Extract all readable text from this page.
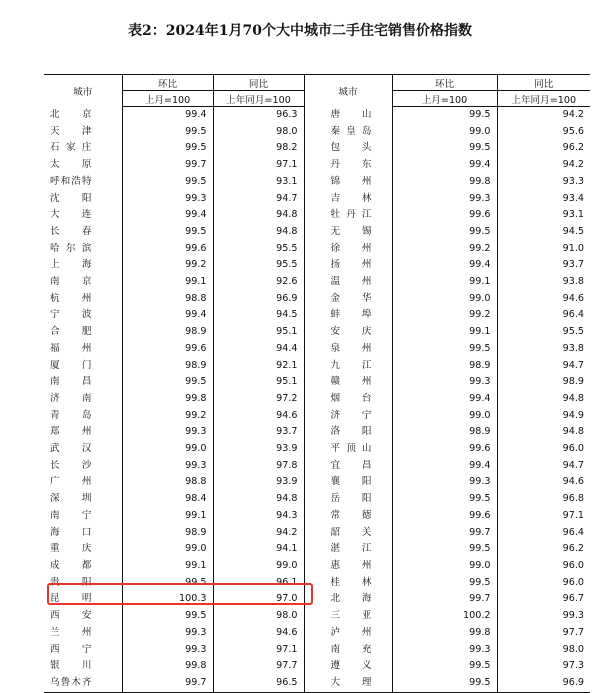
表2：2024年1月70个大中城市二手住宅销售价格指数
城市	环比	同比	城市	环比	同比
	上月=100	上年同月=100		上月=100	上年同月=100
北京	99.4	96.3	唐山	99.5	94.2
天津	99.5	98.0	秦皇岛	99.0	95.6
石家庄	99.5	98.2	包头	99.5	96.2
太原	99.7	97.1	丹东	99.4	94.2
呼和浩特	99.5	93.1	锦州	99.8	93.3
沈阳	99.3	94.7	吉林	99.3	93.4
大连	99.4	94.8	牡丹江	99.6	93.1
长春	99.5	94.8	无锡	99.5	94.5
哈尔滨	99.6	95.5	徐州	99.2	91.0
上海	99.2	95.5	扬州	99.4	93.7
南京	99.1	92.6	温州	99.1	93.8
杭州	98.8	96.9	金华	99.0	94.6
宁波	99.4	94.5	蚌埠	99.2	96.4
合肥	98.9	95.1	安庆	99.1	95.5
福州	99.6	94.4	泉州	99.5	93.8
厦门	98.9	92.1	九江	98.9	94.7
南昌	99.5	95.1	赣州	99.3	98.9
济南	99.8	97.2	烟台	99.4	94.8
青岛	99.2	94.6	济宁	99.0	94.9
郑州	99.3	93.7	洛阳	98.9	94.8
武汉	99.0	93.9	平顶山	99.6	96.0
长沙	99.3	97.8	宜昌	99.4	94.7
广州	98.8	93.9	襄阳	99.3	94.6
深圳	98.4	94.8	岳阳	99.5	96.8
南宁	99.1	94.3	常德	99.6	97.1
海口	98.9	94.2	韶关	99.7	96.4
重庆	99.0	94.1	湛江	99.5	96.2
成都	99.1	99.0	惠州	99.0	96.0
贵阳	99.5	96.1	桂林	99.5	96.0
昆明	100.3	97.0	北海	99.7	96.7
西安	99.5	98.0	三亚	100.2	99.3
兰州	99.3	94.6	泸州	99.8	97.7
西宁	99.3	97.1	南充	99.3	98.0
银川	99.8	97.7	遵义	99.5	97.3
乌鲁木齐	99.7	96.5	大理	99.5	96.9
